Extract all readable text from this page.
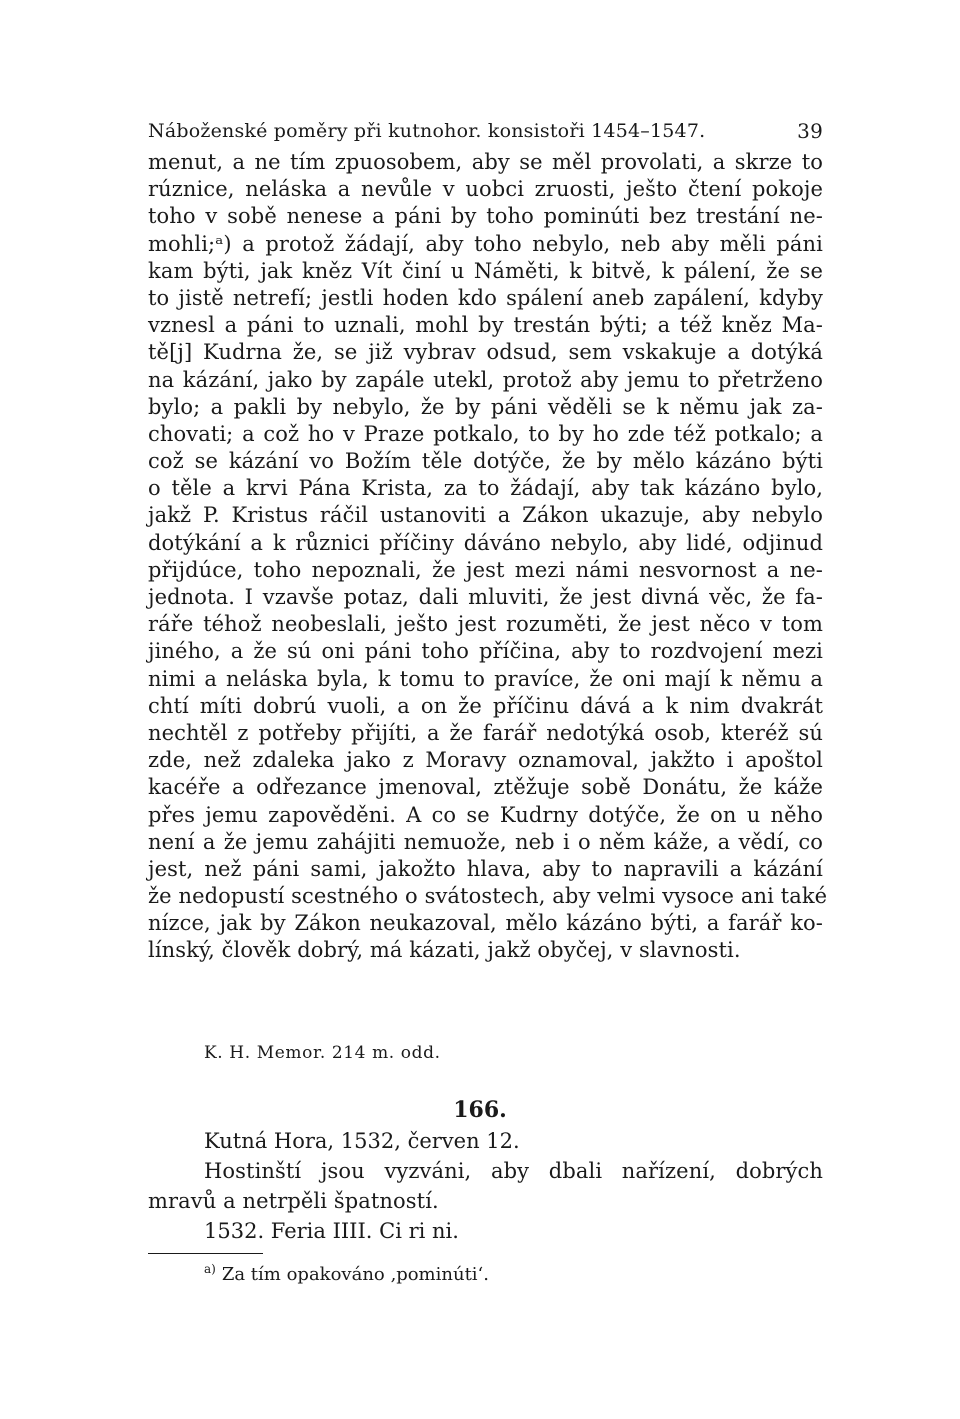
Náboženské poměry při kutnohor. konsistoři 1454–1547.	39
menut, a ne tím zpuosobem, aby se měl provolati, a skrze to
rúznice, neláska a nevůle v uobci zruosti, ješto čtení pokoje
toho v sobě nenese a páni by toho pominúti bez trestání ne-
mohli;ᵃ) a protož žádají, aby toho nebylo, neb aby měli páni
kam býti, jak kněz Vít činí u Náměti, k bitvě, k pálení, že se
to jistě netrefí; jestli hoden kdo spálení aneb zapálení, kdyby
vznesl a páni to uznali, mohl by trestán býti; a též kněz Ma-
tě[j] Kudrna že, se již vybrav odsud, sem vskakuje a dotýká
na kázání, jako by zapále utekl, protož aby jemu to přetrženo
bylo; a pakli by nebylo, že by páni věděli se k němu jak za-
chovati; a což ho v Praze potkalo, to by ho zde též potkalo; a
což se kázání vo Božím těle dotýče, že by mělo kázáno býti
o těle a krvi Pána Krista, za to žádají, aby tak kázáno bylo,
jakž P. Kristus ráčil ustanoviti a Zákon ukazuje, aby nebylo
dotýkání a k různici příčiny dáváno nebylo, aby lidé, odjinud
přijdúce, toho nepoznali, že jest mezi námi nesvornost a ne-
jednota. I vzavše potaz, dali mluviti, že jest divná věc, že fa-
ráře téhož neobeslali, ješto jest rozuměti, že jest něco v tom
jiného, a že sú oni páni toho příčina, aby to rozdvojení mezi
nimi a neláska byla, k tomu to pravíce, že oni mají k němu a
chtí míti dobrú vuoli, a on že příčinu dává a k nim dvakrát
nechtěl z potřeby přijíti, a že farář nedotýká osob, kteréž sú
zde, než zdaleka jako z Moravy oznamoval, jakžto i apoštol
kacéře a odřezance jmenoval, ztěžuje sobě Donátu, že káže
přes jemu zapověděni. A co se Kudrny dotýče, že on u něho
není a že jemu zahájiti nemuože, neb i o něm káže, a vědí, co
jest, než páni sami, jakožto hlava, aby to napravili a kázání
že nedopustí scestného o svátostech, aby velmi vysoce ani také
nízce, jak by Zákon neukazoval, mělo kázáno býti, a farář ko-
línský, člověk dobrý, má kázati, jakž obyčej, v slavnosti.
K. H. Memor. 214 m. odd.
166.
Kutná Hora, 1532, červen 12.
Hostinští jsou vyzváni, aby dbali nařízení, dobrých
mravů a netrpěli špatností.
1532. Feria IIII. Ci ri ni.
$^{a)}$ Za tím opakováno ‚pominúti‘.
